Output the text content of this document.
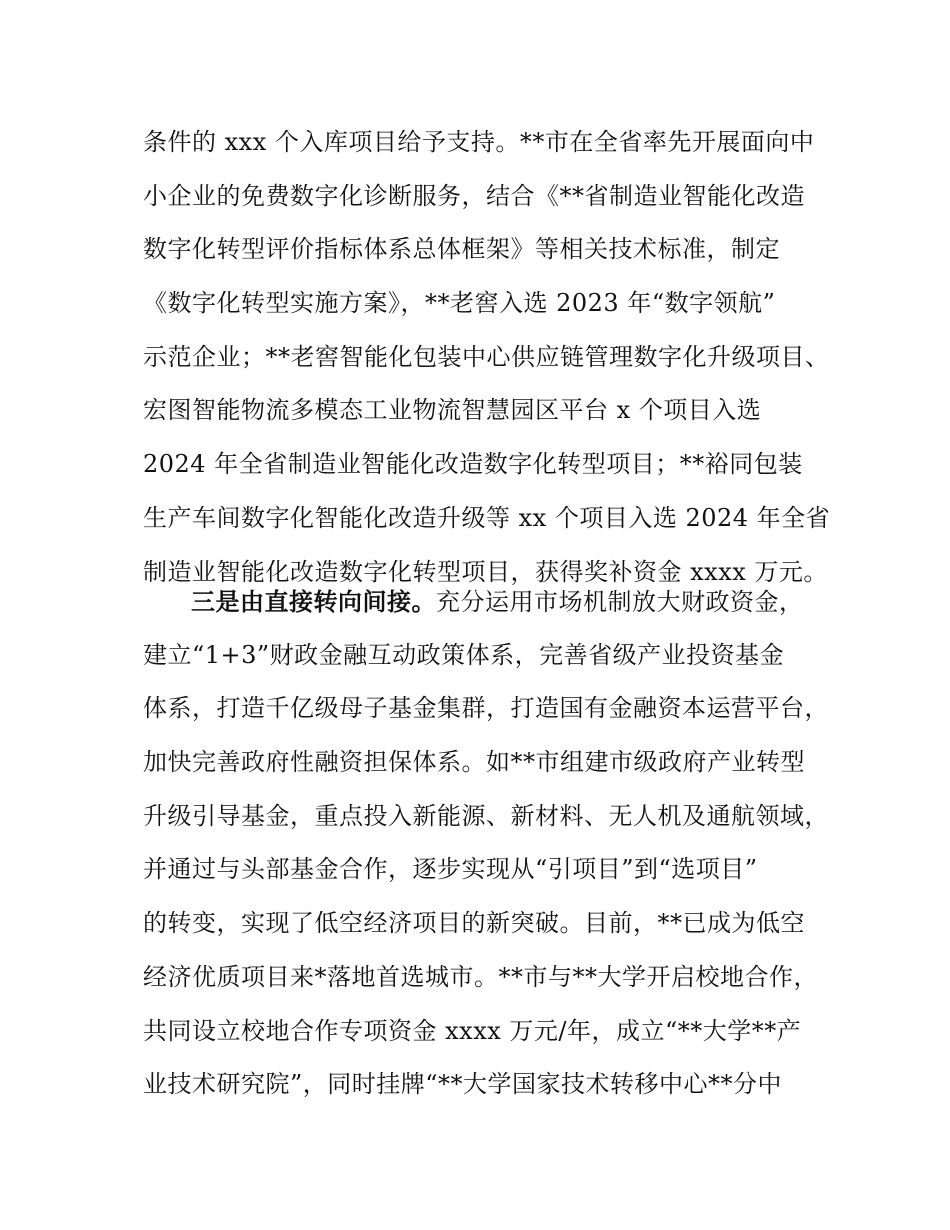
条件的 xxx 个入库项目给予支持。**市在全省率先开展面向中
小企业的免费数字化诊断服务，结合《**省制造业智能化改造
数字化转型评价指标体系总体框架》等相关技术标准，制定
《数字化转型实施方案》，**老窖入选 2023 年“数字领航”
示范企业；**老窖智能化包装中心供应链管理数字化升级项目、
宏图智能物流多模态工业物流智慧园区平台 x 个项目入选
2024 年全省制造业智能化改造数字化转型项目；**裕同包装
生产车间数字化智能化改造升级等 xx 个项目入选 2024 年全省
制造业智能化改造数字化转型项目，获得奖补资金 xxxx 万元。
三是由直接转向间接。充分运用市场机制放大财政资金，
建立“1+3”财政金融互动政策体系，完善省级产业投资基金
体系，打造千亿级母子基金集群，打造国有金融资本运营平台，
加快完善政府性融资担保体系。如**市组建市级政府产业转型
升级引导基金，重点投入新能源、新材料、无人机及通航领域，
并通过与头部基金合作，逐步实现从“引项目”到“选项目”
的转变，实现了低空经济项目的新突破。目前，**已成为低空
经济优质项目来*落地首选城市。**市与**大学开启校地合作，
共同设立校地合作专项资金 xxxx 万元/年，成立“**大学**产
业技术研究院”，同时挂牌“**大学国家技术转移中心**分中
